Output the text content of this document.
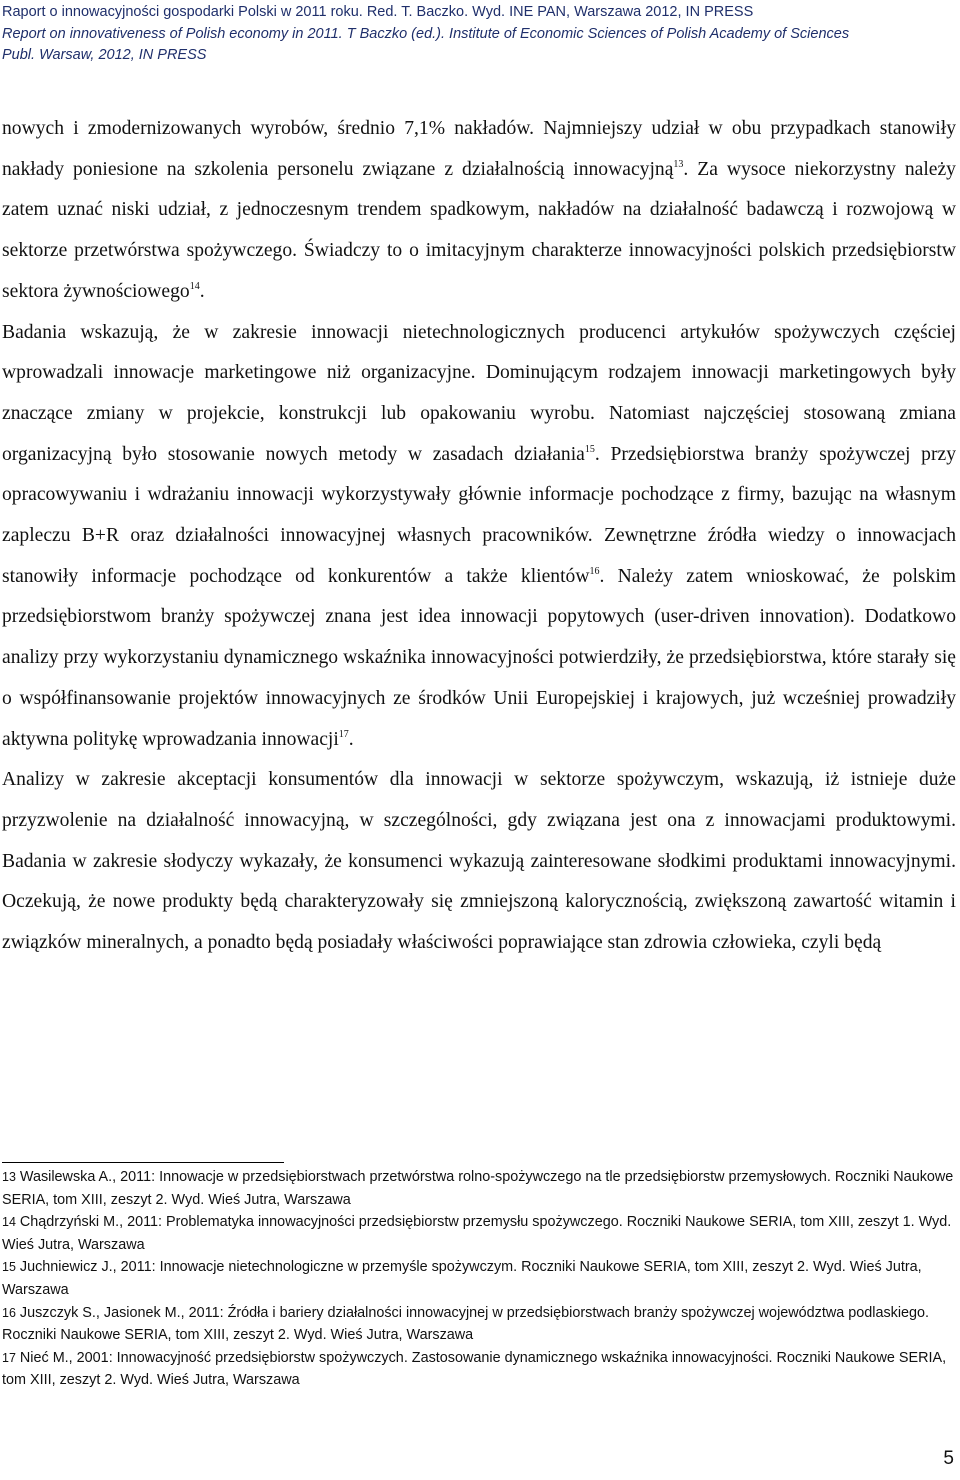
Raport o innowacyjności gospodarki Polski w 2011 roku. Red. T. Baczko. Wyd. INE PAN, Warszawa 2012, IN PRESS
Report on innovativeness of Polish economy in 2011. T Baczko (ed.). Institute of Economic Sciences of Polish Academy of Sciences
Publ. Warsaw, 2012, IN PRESS

nowych i zmodernizowanych wyrobów, średnio 7,1% nakładów. Najmniejszy udział w obu przypadkach stanowiły nakłady poniesione na szkolenia personelu związane z działalnością innowacyjną$^{13}$. Za wysoce niekorzystny należy zatem uznać niski udział, z jednoczesnym trendem spadkowym, nakładów na działalność badawczą i rozwojową w sektorze przetwórstwa spożywczego. Świadczy to o imitacyjnym charakterze innowacyjności polskich przedsiębiorstw sektora żywnościowego$^{14}$.

Badania wskazują, że w zakresie innowacji nietechnologicznych producenci artykułów spożywczych częściej wprowadzali innowacje marketingowe niż organizacyjne. Dominującym rodzajem innowacji marketingowych były znaczące zmiany w projekcie, konstrukcji lub opakowaniu wyrobu. Natomiast najczęściej stosowaną zmiana organizacyjną było stosowanie nowych metody w zasadach działania$^{15}$. Przedsiębiorstwa branży spożywczej przy opracowywaniu i wdrażaniu innowacji wykorzystywały głównie informacje pochodzące z firmy, bazując na własnym zapleczu B+R oraz działalności innowacyjnej własnych pracowników. Zewnętrzne źródła wiedzy o innowacjach stanowiły informacje pochodzące od konkurentów a także klientów$^{16}$. Należy zatem wnioskować, że polskim przedsiębiorstwom branży spożywczej znana jest idea innowacji popytowych (user-driven innovation). Dodatkowo analizy przy wykorzystaniu dynamicznego wskaźnika innowacyjności potwierdziły, że przedsiębiorstwa, które starały się o współfinansowanie projektów innowacyjnych ze środków Unii Europejskiej i krajowych, już wcześniej prowadziły aktywna politykę wprowadzania innowacji$^{17}$.

Analizy w zakresie akceptacji konsumentów dla innowacji w sektorze spożywczym, wskazują, iż istnieje duże przyzwolenie na działalność innowacyjną, w szczególności, gdy związana jest ona z innowacjami produktowymi. Badania w zakresie słodyczy wykazały, że konsumenci wykazują zainteresowane słodkimi produktami innowacyjnymi. Oczekują, że nowe produkty będą charakteryzowały się zmniejszoną kalorycznością, zwiększoną zawartość witamin i związków mineralnych, a ponadto będą posiadały właściwości poprawiające stan zdrowia człowieka, czyli będą

13 Wasilewska A., 2011: Innowacje w przedsiębiorstwach przetwórstwa rolno-spożywczego na tle przedsiębiorstw przemysłowych. Roczniki Naukowe SERIA, tom XIII, zeszyt 2. Wyd. Wieś Jutra, Warszawa
14 Chądrzyński M., 2011: Problematyka innowacyjności przedsiębiorstw przemysłu spożywczego. Roczniki Naukowe SERIA, tom XIII, zeszyt 1. Wyd. Wieś Jutra, Warszawa
15 Juchniewicz J., 2011: Innowacje nietechnologiczne w przemyśle spożywczym. Roczniki Naukowe SERIA, tom XIII, zeszyt 2. Wyd. Wieś Jutra, Warszawa
16 Juszczyk S., Jasionek M., 2011: Źródła i bariery działalności innowacyjnej w przedsiębiorstwach branży spożywczej województwa podlaskiego. Roczniki Naukowe SERIA, tom XIII, zeszyt 2. Wyd. Wieś Jutra, Warszawa
17 Nieć M., 2001: Innowacyjność przedsiębiorstw spożywczych. Zastosowanie dynamicznego wskaźnika innowacyjności. Roczniki Naukowe SERIA, tom XIII, zeszyt 2. Wyd. Wieś Jutra, Warszawa
5
